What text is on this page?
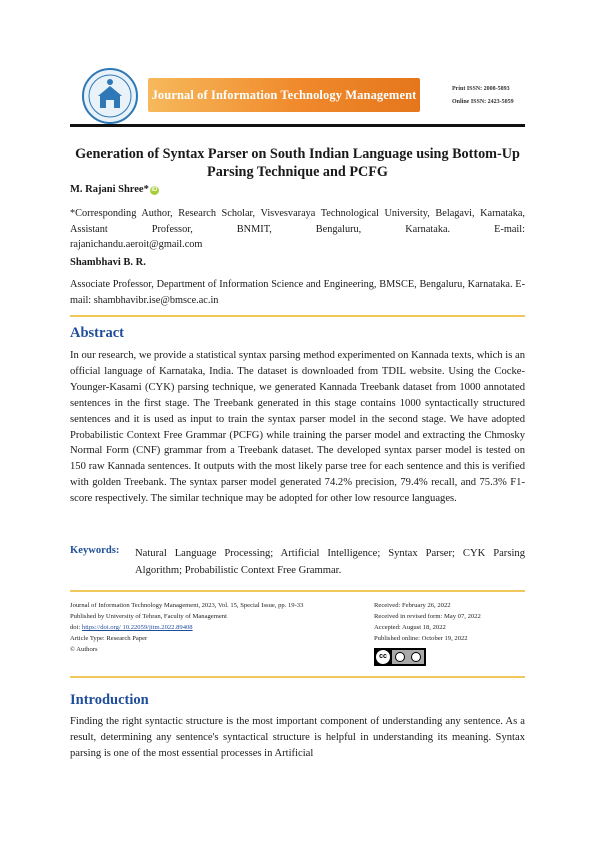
Journal of Information Technology Management	Print ISSN: 2008-5893
Online ISSN: 2423-5059
Generation of Syntax Parser on South Indian Language using Bottom-Up Parsing Technique and PCFG
M. Rajani Shree* iD
*Corresponding Author, Research Scholar, Visvesvaraya Technological University, Belagavi, Karnataka, Assistant Professor, BNMIT, Bengaluru, Karnataka. E-mail:
rajanichandu.aeroit@gmail.com
Shambhavi B. R.
Associate Professor, Department of Information Science and Engineering, BMSCE, Bengaluru, Karnataka. E-mail: shambhavibr.ise@bmsce.ac.in
Abstract
In our research, we provide a statistical syntax parsing method experimented on Kannada texts, which is an official language of Karnataka, India. The dataset is downloaded from TDIL website. Using the Cocke-Younger-Kasami (CYK) parsing technique, we generated Kannada Treebank dataset from 1000 annotated sentences in the first stage. The Treebank generated in this stage contains 1000 syntactically structured sentences and it is used as input to train the syntax parser model in the second stage. We have adopted Probabilistic Context Free Grammar (PCFG) while training the parser model and extracting the Chmosky Normal Form (CNF) grammar from a Treebank dataset. The developed syntax parser model is tested on 150 raw Kannada sentences. It outputs with the most likely parse tree for each sentence and this is verified with golden Treebank. The syntax parser model generated 74.2% precision, 79.4% recall, and 75.3% F1-score respectively. The similar technique may be adopted for other low resource languages.
Keywords: Natural Language Processing; Artificial Intelligence; Syntax Parser; CYK Parsing Algorithm; Probabilistic Context Free Grammar.
Journal of Information Technology Management, 2023, Vol. 15, Special Issue, pp. 19-33
Published by University of Tehran, Faculty of Management
doi: https://doi.org/ 10.22059/jitm.2022.89408
Article Type: Research Paper
© Authors
Received: February 26, 2022
Received in revised form: May 07, 2022
Accepted: August 18, 2022
Published online: October 19, 2022
cc
Introduction
Finding the right syntactic structure is the most important component of understanding any sentence. As a result, determining any sentence's syntactical structure is helpful in understanding its meaning. Syntax parsing is one of the most essential processes in Artificial
